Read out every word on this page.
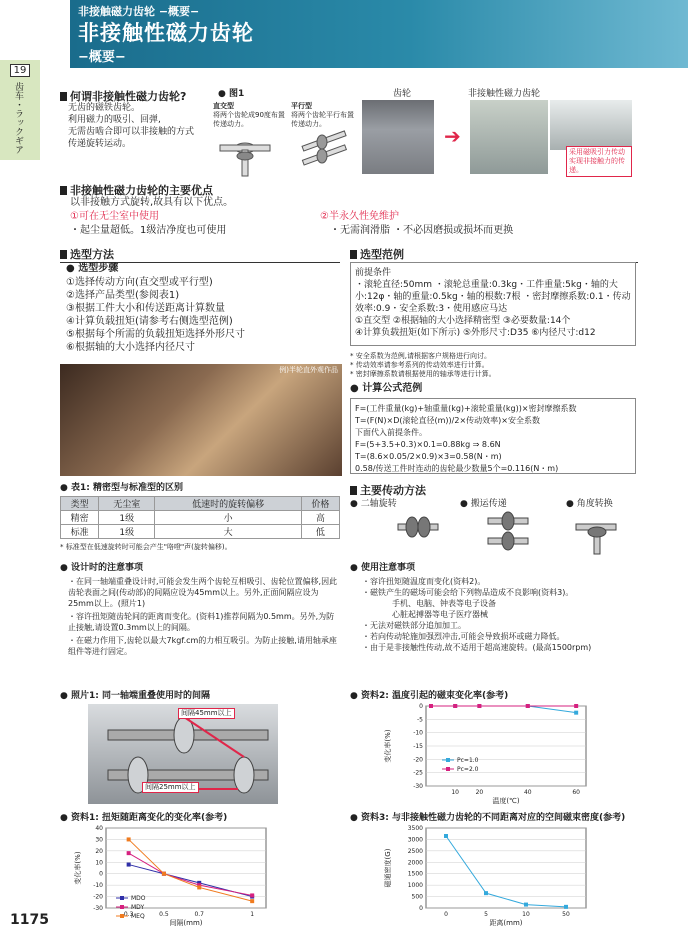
非接触磁力齿轮 −概要−
非接触性磁力齿轮
−概要−
19
齿车・ラックギア	何谓非接触性磁力齿轮?
无齿的磁铁齿轮。
利用磁力的吸引、回弹,
无需齿啮合即可以非接触的方式
传递旋转运动。
● 图1
直交型
将两个齿轮成90度布置传递动力。
平行型
将两个齿轮平行布置传递动力。
齿轮	非接触性磁力齿轮
➔
采用磁吸引力传动实现非接触力的传递。
非接触性磁力齿轮的主要优点
以非接触方式旋转,故具有以下优点。
①可在无尘室中使用
・起尘量超低。1级洁净度也可使用
②半永久性免维护
・无需润滑脂 ・不必因磨损或损坏而更换
选型方法
● 选型步骤
①选择传动方向(直交型或平行型)
②选择产品类型(参阅表1)
③根据工件大小和传送距离计算数量
④计算负载扭矩(请参考右侧选型范例)
⑤根据每个所需的负载扭矩选择外形尺寸
⑥根据轴的大小选择内径尺寸
例)半轮直外观作品
选型范例
前提条件
・滚轮直径:50mm ・滚轮总重量:0.3kg・工件重量:5kg・轴的大小:12φ・轴的重量:0.5kg・轴的根数:7根 ・密封摩擦系数:0.1・传动效率:0.9・安全系数:3・使用感应马达
①直交型 ②根据轴的大小选择精密型 ③必要数量:14个
④计算负载扭矩(如下所示) ⑤外形尺寸:D35 ⑥内径尺寸:d12
* 安全系数为范例,请根据客户规格进行向讨。
* 传动效率请参考系列的传动效率进行计算。
* 密封摩擦系数请根据使用的轴承等进行计算。
● 计算公式范例
F=(工件重量(kg)+轴重量(kg)+滚轮重量(kg))×密封摩擦系数
T=(F(N)×D(滚轮直径(m))/2×传动效率)×安全系数
下面代入前提条件。
F=(5+3.5+0.3)×0.1=0.88kg ⇒ 8.6N
T=(8.6×0.05/2×0.9)×3=0.58(N・m)
0.58/传送工件时连动的齿轮最少数量5个=0.116(N・m)
● 表1: 精密型与标准型的区别
类型	无尘室	低速时的旋转偏移	价格
精密	1级	小	高
标准	1级	大	低
* 标准型在低速旋转时可能会产生"咯噔"声(旋转偏移)。
主要传动方法
● 二轴旋转	● 搬运传递	● 角度转换
● 设计时的注意事项
・在同一轴端重叠设计时,可能会发生两个齿轮互相吸引、齿轮位置偏移,因此齿轮表面之间(传动部)的间隔应设为45mm以上。另外,正面间隔应设为25mm以上。(照片1)
・容许扭矩随齿轮间的距离而变化。(资料1)推荐间隔为0.5mm。另外,为防止接触,请设置0.3mm以上的间隔。
・在磁力作用下,齿轮以最大7kgf.cm的力相互吸引。为防止接触,请用轴承座组件等进行固定。
● 使用注意事项
・容许扭矩随温度而变化(资料2)。
・磁铁产生的磁场可能会给下列物品造成不良影响(资料3)。
手机、电脑、钟表等电子设备
心脏起搏器等电子医疗器械
・无法对磁铁部分追加加工。
・若向传动轮施加强烈冲击,可能会导致损坏或磁力降低。
・由于是非接触性传动,故不适用于超高速旋转。(最高1500rpm)
● 照片1: 同一轴端重叠使用时的间隔
间隔45mm以上
间隔25mm以上
● 资料1: 扭矩随距离变化的变化率(参考)
40
30
20
10
0
-10
-20
-30
0.3	0.5	0.7	1
间隔(mm)
变化率(%)
MDO
MDY
MEQ
● 资料2: 温度引起的磁束变化率(参考)
0
-5
-10
-15
-20
-25
-30
10	20	40	60
温度(℃)
变化率(%)	Pc=1.0
Pc=2.0
● 资料3: 与非接触性磁力齿轮的不同距离对应的空间磁束密度(参考)
3500
3000
2500
2000
1500
1000
500
0
0	5	10	50
距离(mm)
磁通密度(G)
1175
